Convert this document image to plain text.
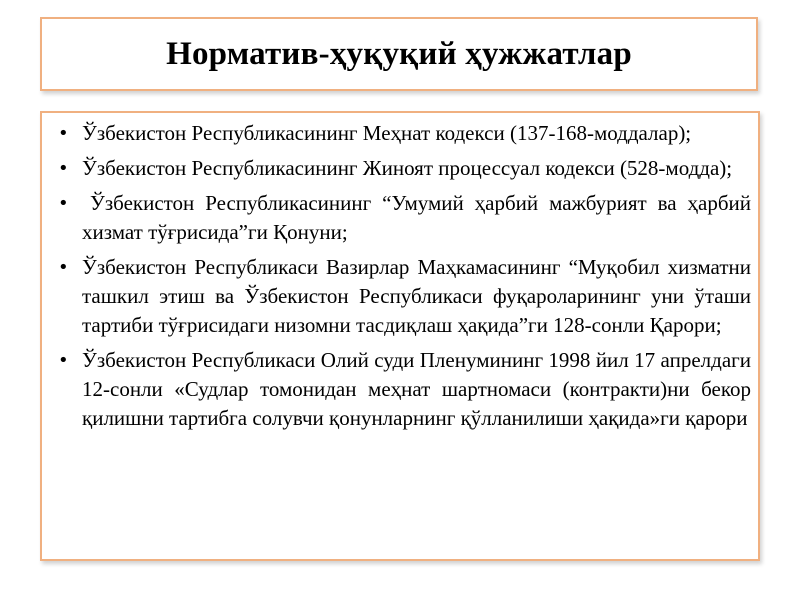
Норматив-ҳуқуқий ҳужжатлар
• Ўзбекистон Республикасининг Меҳнат кодекси (137-168-моддалар);
• Ўзбекистон Республикасининг Жиноят процессуал кодекси (528-модда);
• Ўзбекистон Республикасининг “Умумий ҳарбий мажбурият ва ҳарбий хизмат тўғрисида”ги Қонуни;
• Ўзбекистон Республикаси Вазирлар Маҳкамасининг “Муқобил хизматни ташкил этиш ва Ўзбекистон Республикаси фуқароларининг уни ўташи тартиби тўғрисидаги низомни тасдиқлаш ҳақида”ги 128-сонли Қарори;
• Ўзбекистон Республикаси Олий суди Пленумининг 1998 йил 17 апрелдаги 12-сонли «Судлар томонидан меҳнат шартномаси (контракти)ни бекор қилишни тартибга солувчи қонунларнинг қўлланилиши ҳақида»ги қарори
